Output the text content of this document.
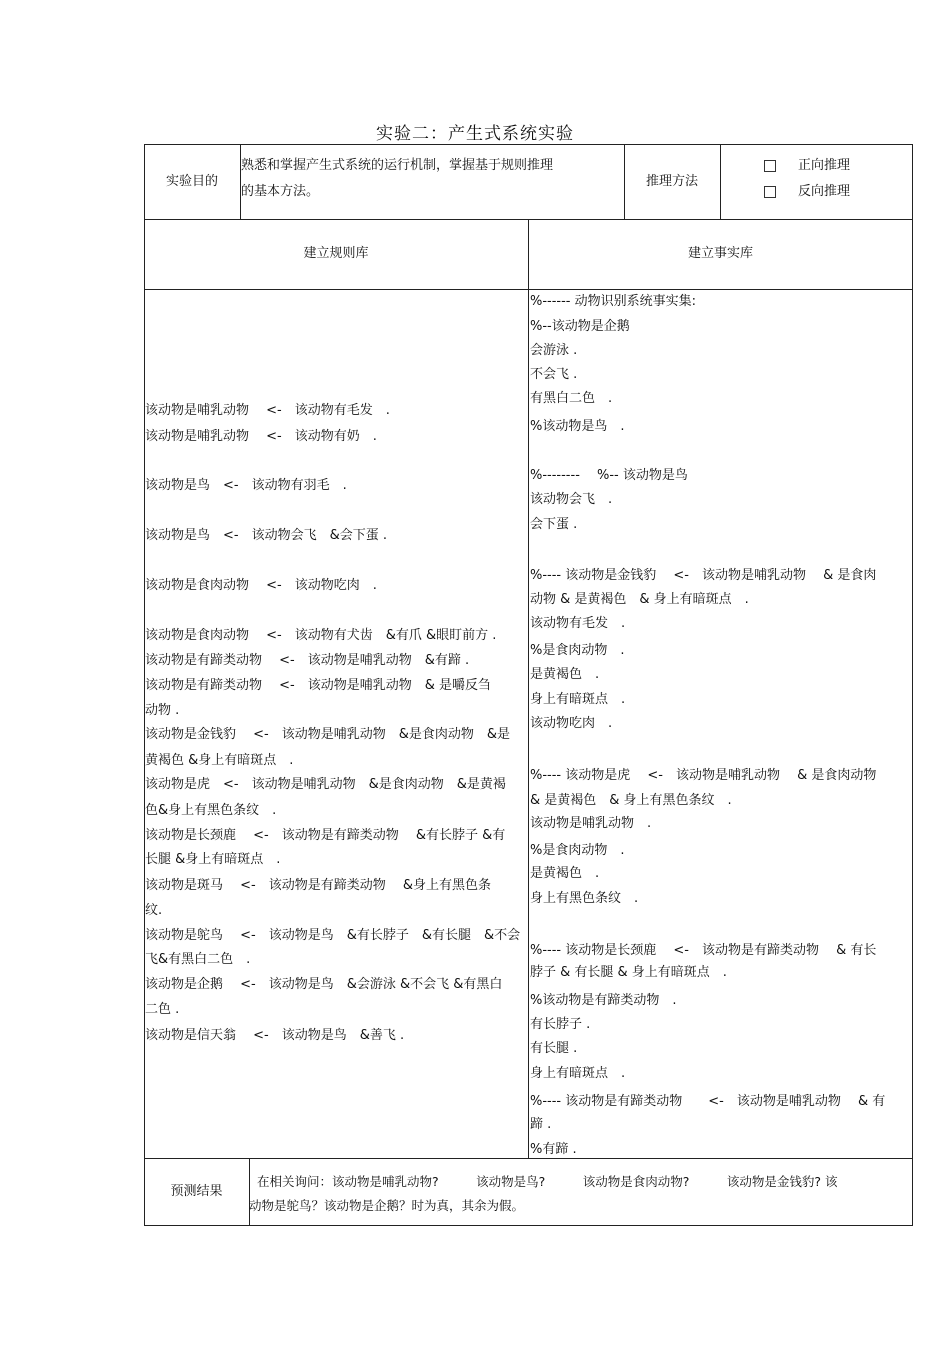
实验二：产生式系统实验
实验目的
熟悉和掌握产生式系统的运行机制，掌握基于规则推理
的基本方法。
推理方法
正向推理
反向推理
建立规则库	建立事实库
该动物是哺乳动物　 <-　该动物有毛发　.
该动物是哺乳动物　 <-　该动物有奶　.
该动物是鸟　<-　该动物有羽毛　.
该动物是鸟　<-　该动物会飞　&会下蛋 .
该动物是食肉动物　 <-　该动物吃肉　.
该动物是食肉动物　 <-　该动物有犬齿　&有爪 &眼盯前方 .
该动物是有蹄类动物　 <-　该动物是哺乳动物　&有蹄 .
该动物是有蹄类动物　 <-　该动物是哺乳动物　& 是嚼反刍
动物 .
该动物是金钱豹　 <-　该动物是哺乳动物　&是食肉动物　&是
黄褐色 &身上有暗斑点　.
该动物是虎　<-　该动物是哺乳动物　&是食肉动物　&是黄褐
色&身上有黑色条纹　.
该动物是长颈鹿　 <-　该动物是有蹄类动物　 &有长脖子 &有
长腿 &身上有暗斑点　.
该动物是斑马　 <-　该动物是有蹄类动物　 &身上有黑色条
纹.
该动物是鸵鸟　 <-　该动物是鸟　&有长脖子　&有长腿　&不会
飞&有黑白二色　.
该动物是企鹅　 <-　该动物是鸟　&会游泳 &不会飞 &有黑白
二色 .
该动物是信天翁　 <-　该动物是鸟　&善飞 .
%------ 动物识别系统事实集:
%--该动物是企鹅
会游泳 .
不会飞 .
有黑白二色　.
%该动物是鸟　.
%--------　 %-- 该动物是鸟
该动物会飞　.
会下蛋 .
%---- 该动物是金钱豹　 <-　该动物是哺乳动物　 & 是食肉
动物 & 是黄褐色　& 身上有暗斑点　.
该动物有毛发　.
%是食肉动物　.
是黄褐色　.
身上有暗斑点　.
该动物吃肉　.
%---- 该动物是虎　 <-　该动物是哺乳动物　 & 是食肉动物
& 是黄褐色　& 身上有黑色条纹　.
该动物是哺乳动物　.
%是食肉动物　.
是黄褐色　.
身上有黑色条纹　.
%---- 该动物是长颈鹿　 <-　该动物是有蹄类动物　 & 有长
脖子 & 有长腿 & 身上有暗斑点　.
%该动物是有蹄类动物　.
有长脖子 .
有长腿 .
身上有暗斑点　.
%---- 该动物是有蹄类动物　　<-　该动物是哺乳动物　 & 有
蹄 .
%有蹄 .
预测结果
在相关询问：该动物是哺乳动物?　　　该动物是鸟?　　　该动物是食肉动物?　　　该动物是金钱豹? 该
动物是鸵鸟？该动物是企鹅？时为真，其余为假。
